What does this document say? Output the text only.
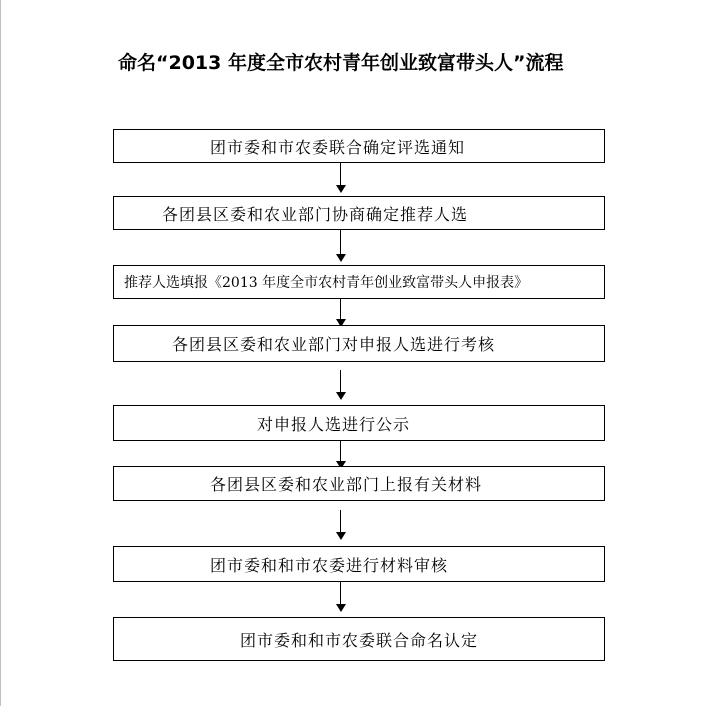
命名“2013 年度全市农村青年创业致富带头人”流程
团市委和市农委联合确定评选通知
各团县区委和农业部门协商确定推荐人选
推荐人选填报《2013 年度全市农村青年创业致富带头人申报表》
各团县区委和农业部门对申报人选进行考核
对申报人选进行公示
各团县区委和农业部门上报有关材料
团市委和和市农委进行材料审核
团市委和和市农委联合命名认定
